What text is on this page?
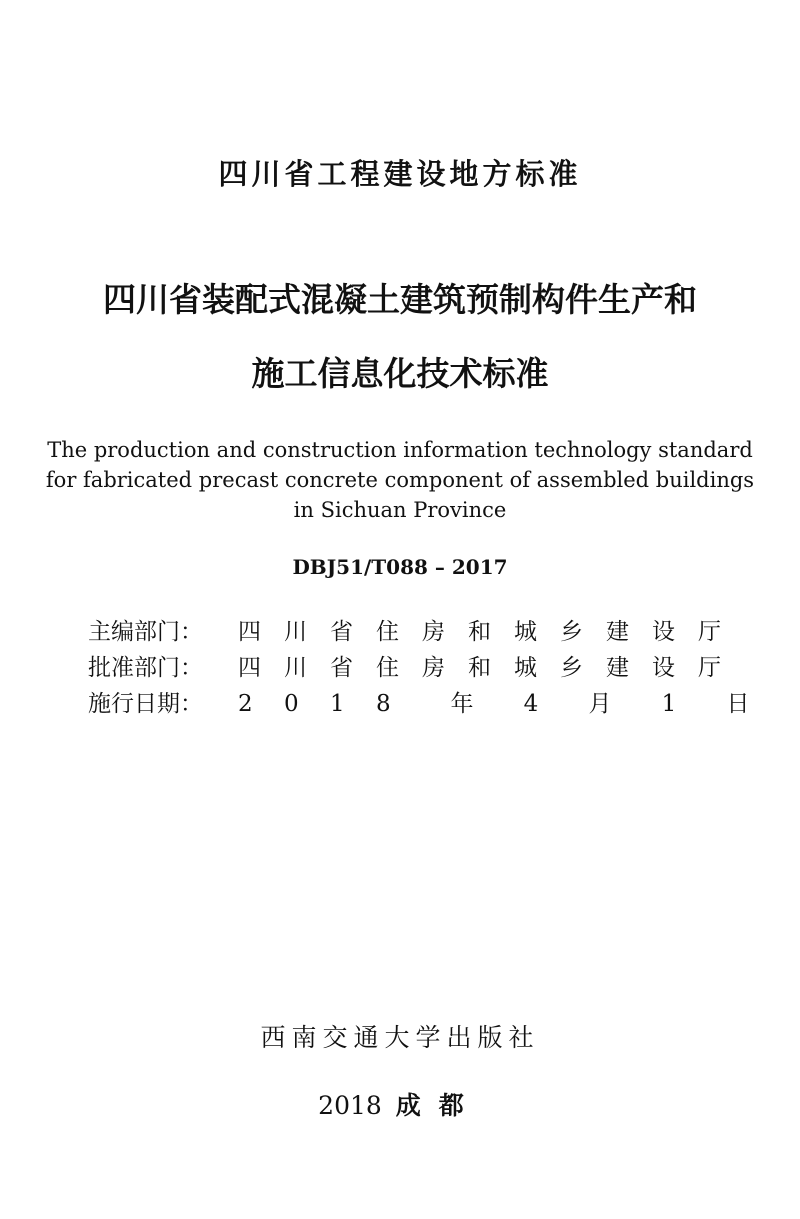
四川省工程建设地方标准
四川省装配式混凝土建筑预制构件生产和
施工信息化技术标准
The production and construction information technology standard
for fabricated precast concrete component of assembled buildings
in Sichuan Province
DBJ51/T088 – 2017
主编部门：	四	川	省	住	房	和	城	乡	建	设	厅
批准部门：	四	川	省	住	房	和	城	乡	建	设	厅
施行日期：	2	0	1	8	年	4	月	1	日
西南交通大学出版社
2018 成都
